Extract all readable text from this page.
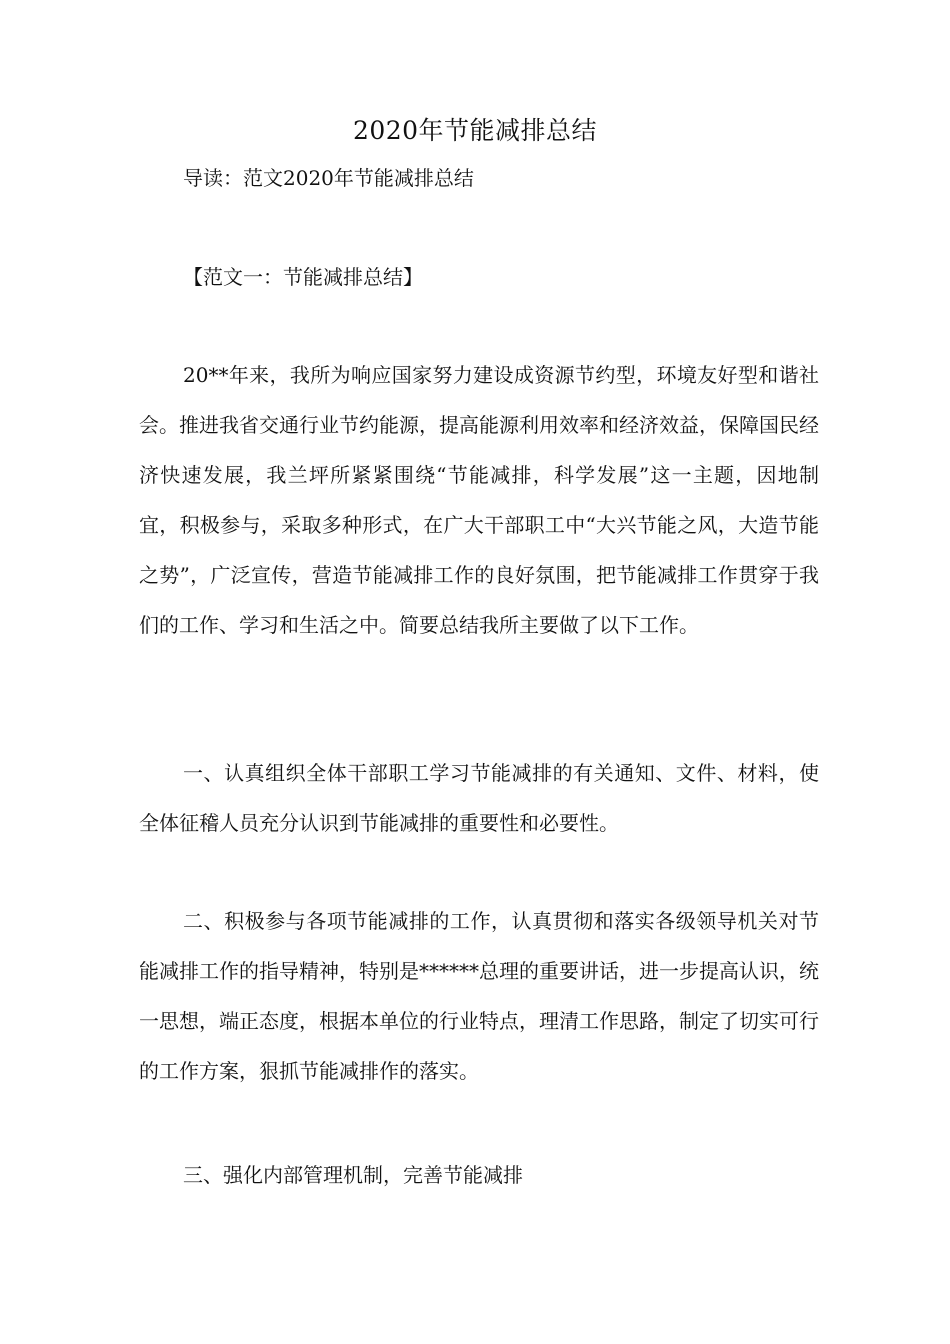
2020年节能减排总结
导读：范文2020年节能减排总结
【范文一：节能减排总结】

20**年来，我所为响应国家努力建设成资源节约型，环境友好型和谐社会。推进我省交通行业节约能源，提高能源利用效率和经济效益，保障国民经济快速发展，我兰坪所紧紧围绕“节能减排，科学发展”这一主题，因地制宜，积极参与，采取多种形式，在广大干部职工中“大兴节能之风，大造节能之势”，广泛宣传，营造节能减排工作的良好氛围，把节能减排工作贯穿于我们的工作、学习和生活之中。简要总结我所主要做了以下工作。

一、认真组织全体干部职工学习节能减排的有关通知、文件、材料，使全体征稽人员充分认识到节能减排的重要性和必要性。

二、积极参与各项节能减排的工作，认真贯彻和落实各级领导机关对节能减排工作的指导精神，特别是******总理的重要讲话，进一步提高认识，统一思想，端正态度，根据本单位的行业特点，理清工作思路，制定了切实可行的工作方案，狠抓节能减排作的落实。

三、强化内部管理机制，完善节能减排
